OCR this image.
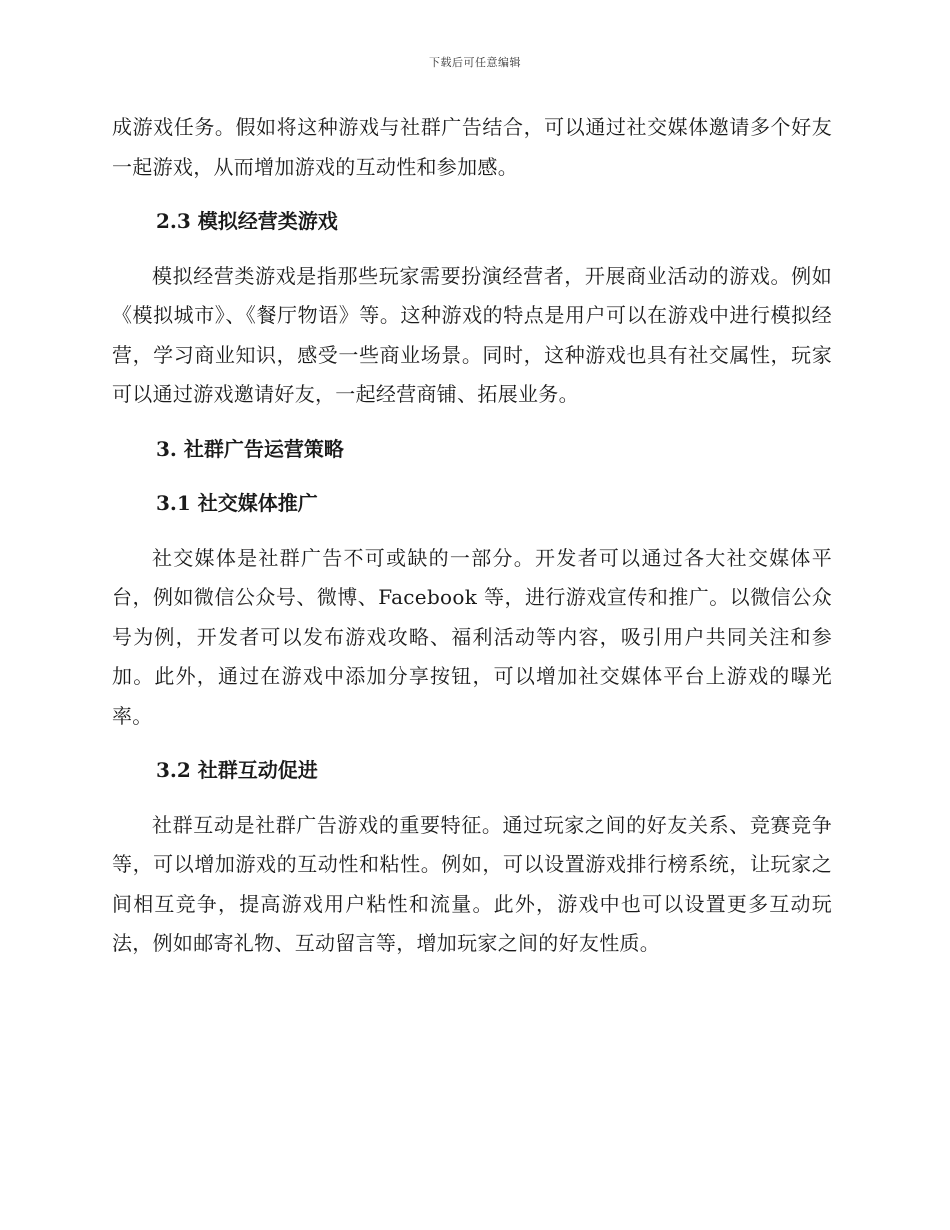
下载后可任意编辑

成游戏任务。假如将这种游戏与社群广告结合，可以通过社交媒体邀请多个好友一起游戏，从而增加游戏的互动性和参加感。

2.3 模拟经营类游戏

模拟经营类游戏是指那些玩家需要扮演经营者，开展商业活动的游戏。例如《模拟城市》、《餐厅物语》等。这种游戏的特点是用户可以在游戏中进行模拟经营，学习商业知识，感受一些商业场景。同时，这种游戏也具有社交属性，玩家可以通过游戏邀请好友，一起经营商铺、拓展业务。

3. 社群广告运营策略
3.1 社交媒体推广

社交媒体是社群广告不可或缺的一部分。开发者可以通过各大社交媒体平台，例如微信公众号、微博、Facebook 等，进行游戏宣传和推广。以微信公众号为例，开发者可以发布游戏攻略、福利活动等内容，吸引用户共同关注和参加。此外，通过在游戏中添加分享按钮，可以增加社交媒体平台上游戏的曝光率。

3.2 社群互动促进

社群互动是社群广告游戏的重要特征。通过玩家之间的好友关系、竞赛竞争等，可以增加游戏的互动性和粘性。例如，可以设置游戏排行榜系统，让玩家之间相互竞争，提高游戏用户粘性和流量。此外，游戏中也可以设置更多互动玩法，例如邮寄礼物、互动留言等，增加玩家之间的好友性质。
